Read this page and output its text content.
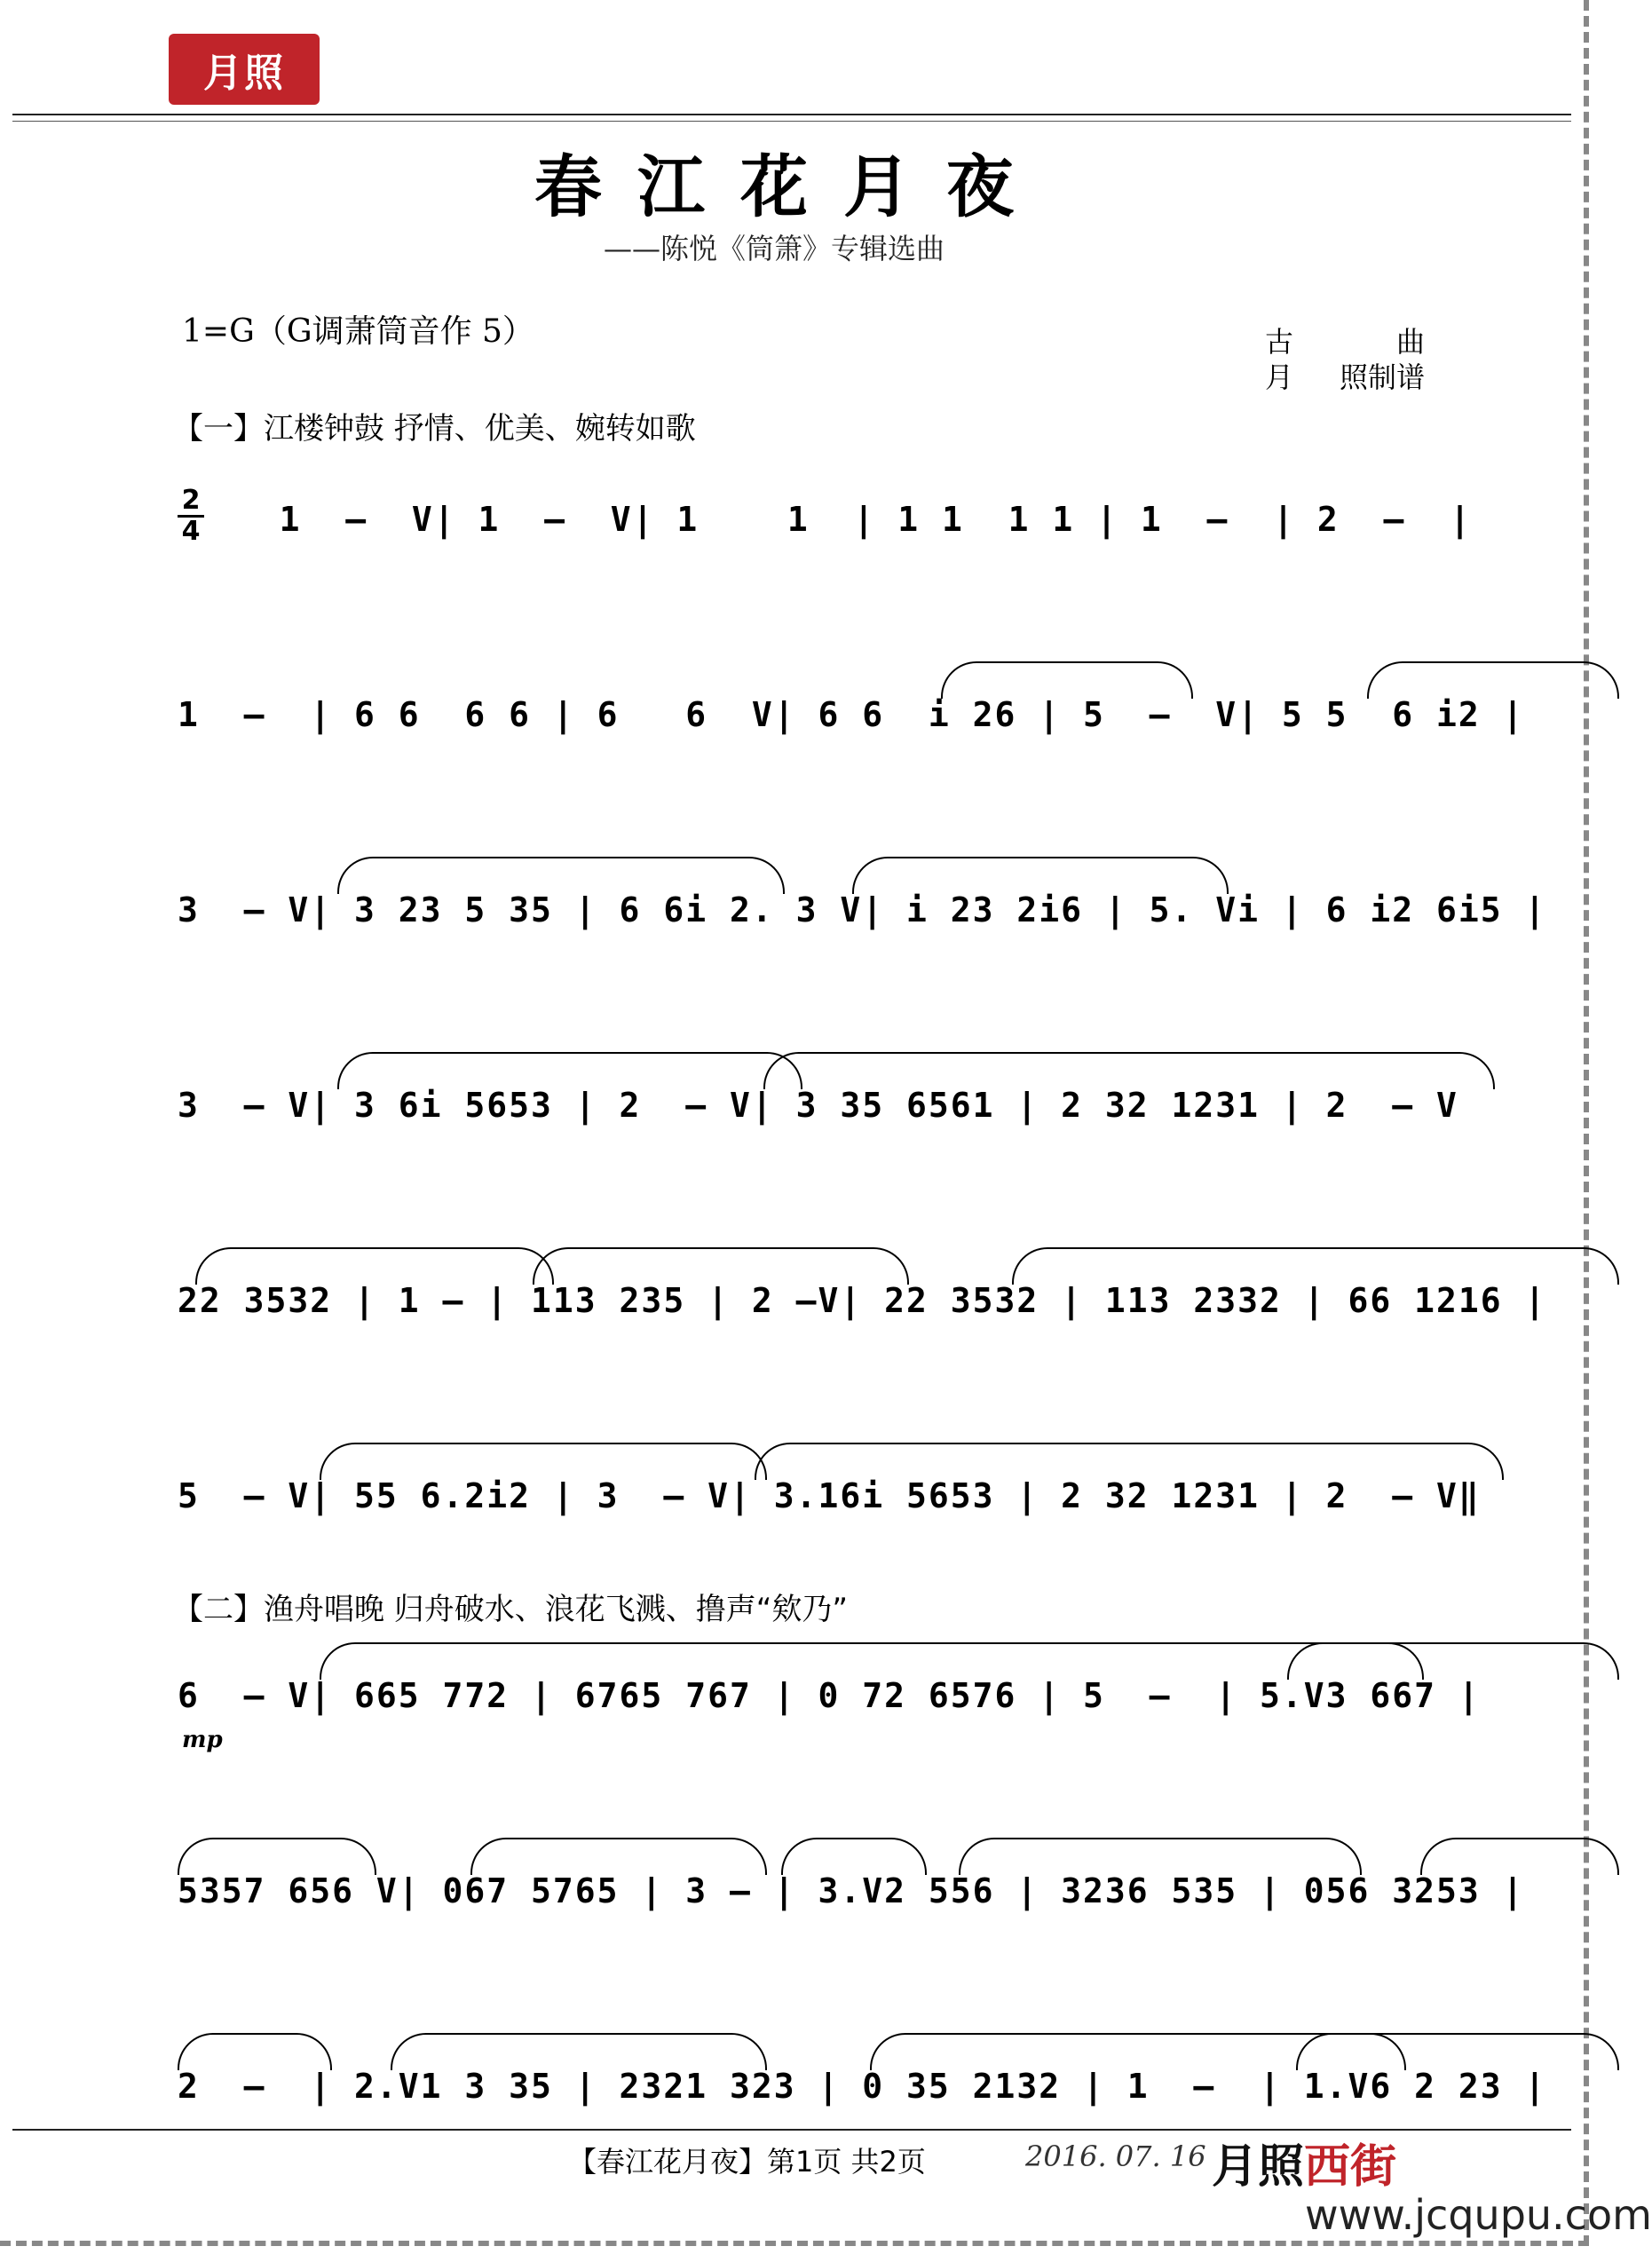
月照
春江花月夜
——陈悦《筒箫》专辑选曲
1=G（G调萧筒音作 5）	古	曲
月 照制谱
【一】江楼钟鼓 抒情、优美、婉转如歌
2
4 1  –  V| 1  –  V| 1    1  | 1 1  1 1 | 1  –  | 2  –  |
1  –  | 6 6  6 6 | 6   6  V| 6 6  i 26 | 5  –  V| 5 5  6 i2 |
3  – V| 3 23 5 35 | 6 6i 2. 3 V| i 23 2i6 | 5. Vi | 6 i2 6i5 |
3  – V| 3 6i 5653 | 2  – V| 3 35 6561 | 2 32 1231 | 2  – V
22 3532 | 1 – | 113 235 | 2 –V| 22 3532 | 113 2332 | 66 1216 |
5  – V| 55 6.2i2 | 3  – V| 3.16i 5653 | 2 32 1231 | 2  – V‖
【二】渔舟唱晚 归舟破水、浪花飞溅、撸声“欸乃”
6  – V| 665 772 | 6765 767 | 0 72 6576 | 5  –  | 5.V3 667 |
mp
5357 656 V| 067 5765 | 3 – | 3.V2 556 | 3236 535 | 056 3253 |
2  –  | 2.V1 3 35 | 2321 323 | 0 35 2132 | 1  –  | 1.V6 2 23 |
【春江花月夜】第1页 共2页	2016. 07. 16 月照 西街
www.jcqupu.com
